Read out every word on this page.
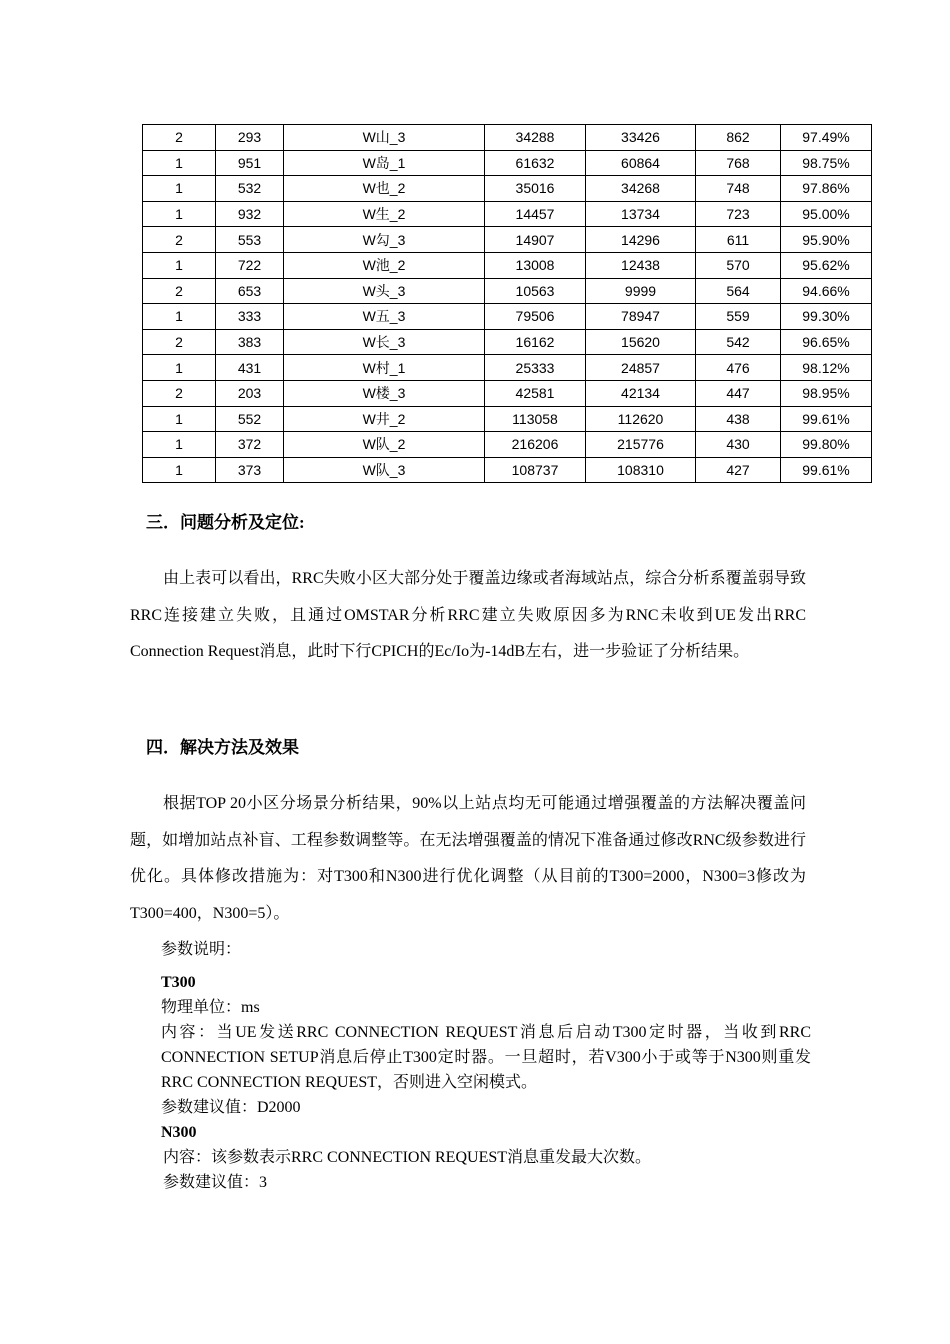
2	293	W山_3	34288	33426	862	97.49%
1	951	W岛_1	61632	60864	768	98.75%
1	532	W也_2	35016	34268	748	97.86%
1	932	W生_2	14457	13734	723	95.00%
2	553	W勾_3	14907	14296	611	95.90%
1	722	W池_2	13008	12438	570	95.62%
2	653	W头_3	10563	9999	564	94.66%
1	333	W五_3	79506	78947	559	99.30%
2	383	W长_3	16162	15620	542	96.65%
1	431	W村_1	25333	24857	476	98.12%
2	203	W楼_3	42581	42134	447	98.95%
1	552	W井_2	113058	112620	438	99.61%
1	372	W队_2	216206	215776	430	99.80%
1	373	W队_3	108737	108310	427	99.61%
三．问题分析及定位:

由上表可以看出，RRC失败小区大部分处于覆盖边缘或者海域站点，综合分析系覆盖弱导致RRC连接建立失败，且通过OMSTAR分析RRC建立失败原因多为RNC未收到UE发出RRC Connection Request消息，此时下行CPICH的Ec/Io为-14dB左右，进一步验证了分析结果。

四．解决方法及效果

根据TOP 20小区分场景分析结果，90%以上站点均无可能通过增强覆盖的方法解决覆盖问题，如增加站点补盲、工程参数调整等。在无法增强覆盖的情况下准备通过修改RNC级参数进行优化。具体修改措施为：对T300和N300进行优化调整（从目前的T300=2000，N300=3修改为T300=400，N300=5）。

参数说明：

T300

物理单位：ms

内容：当UE发送RRC CONNECTION REQUEST消息后启动T300定时器，当收到RRC CONNECTION SETUP消息后停止T300定时器。一旦超时，若V300小于或等于N300则重发RRC CONNECTION REQUEST，否则进入空闲模式。

参数建议值：D2000

N300

内容：该参数表示RRC CONNECTION REQUEST消息重发最大次数。

参数建议值：3
